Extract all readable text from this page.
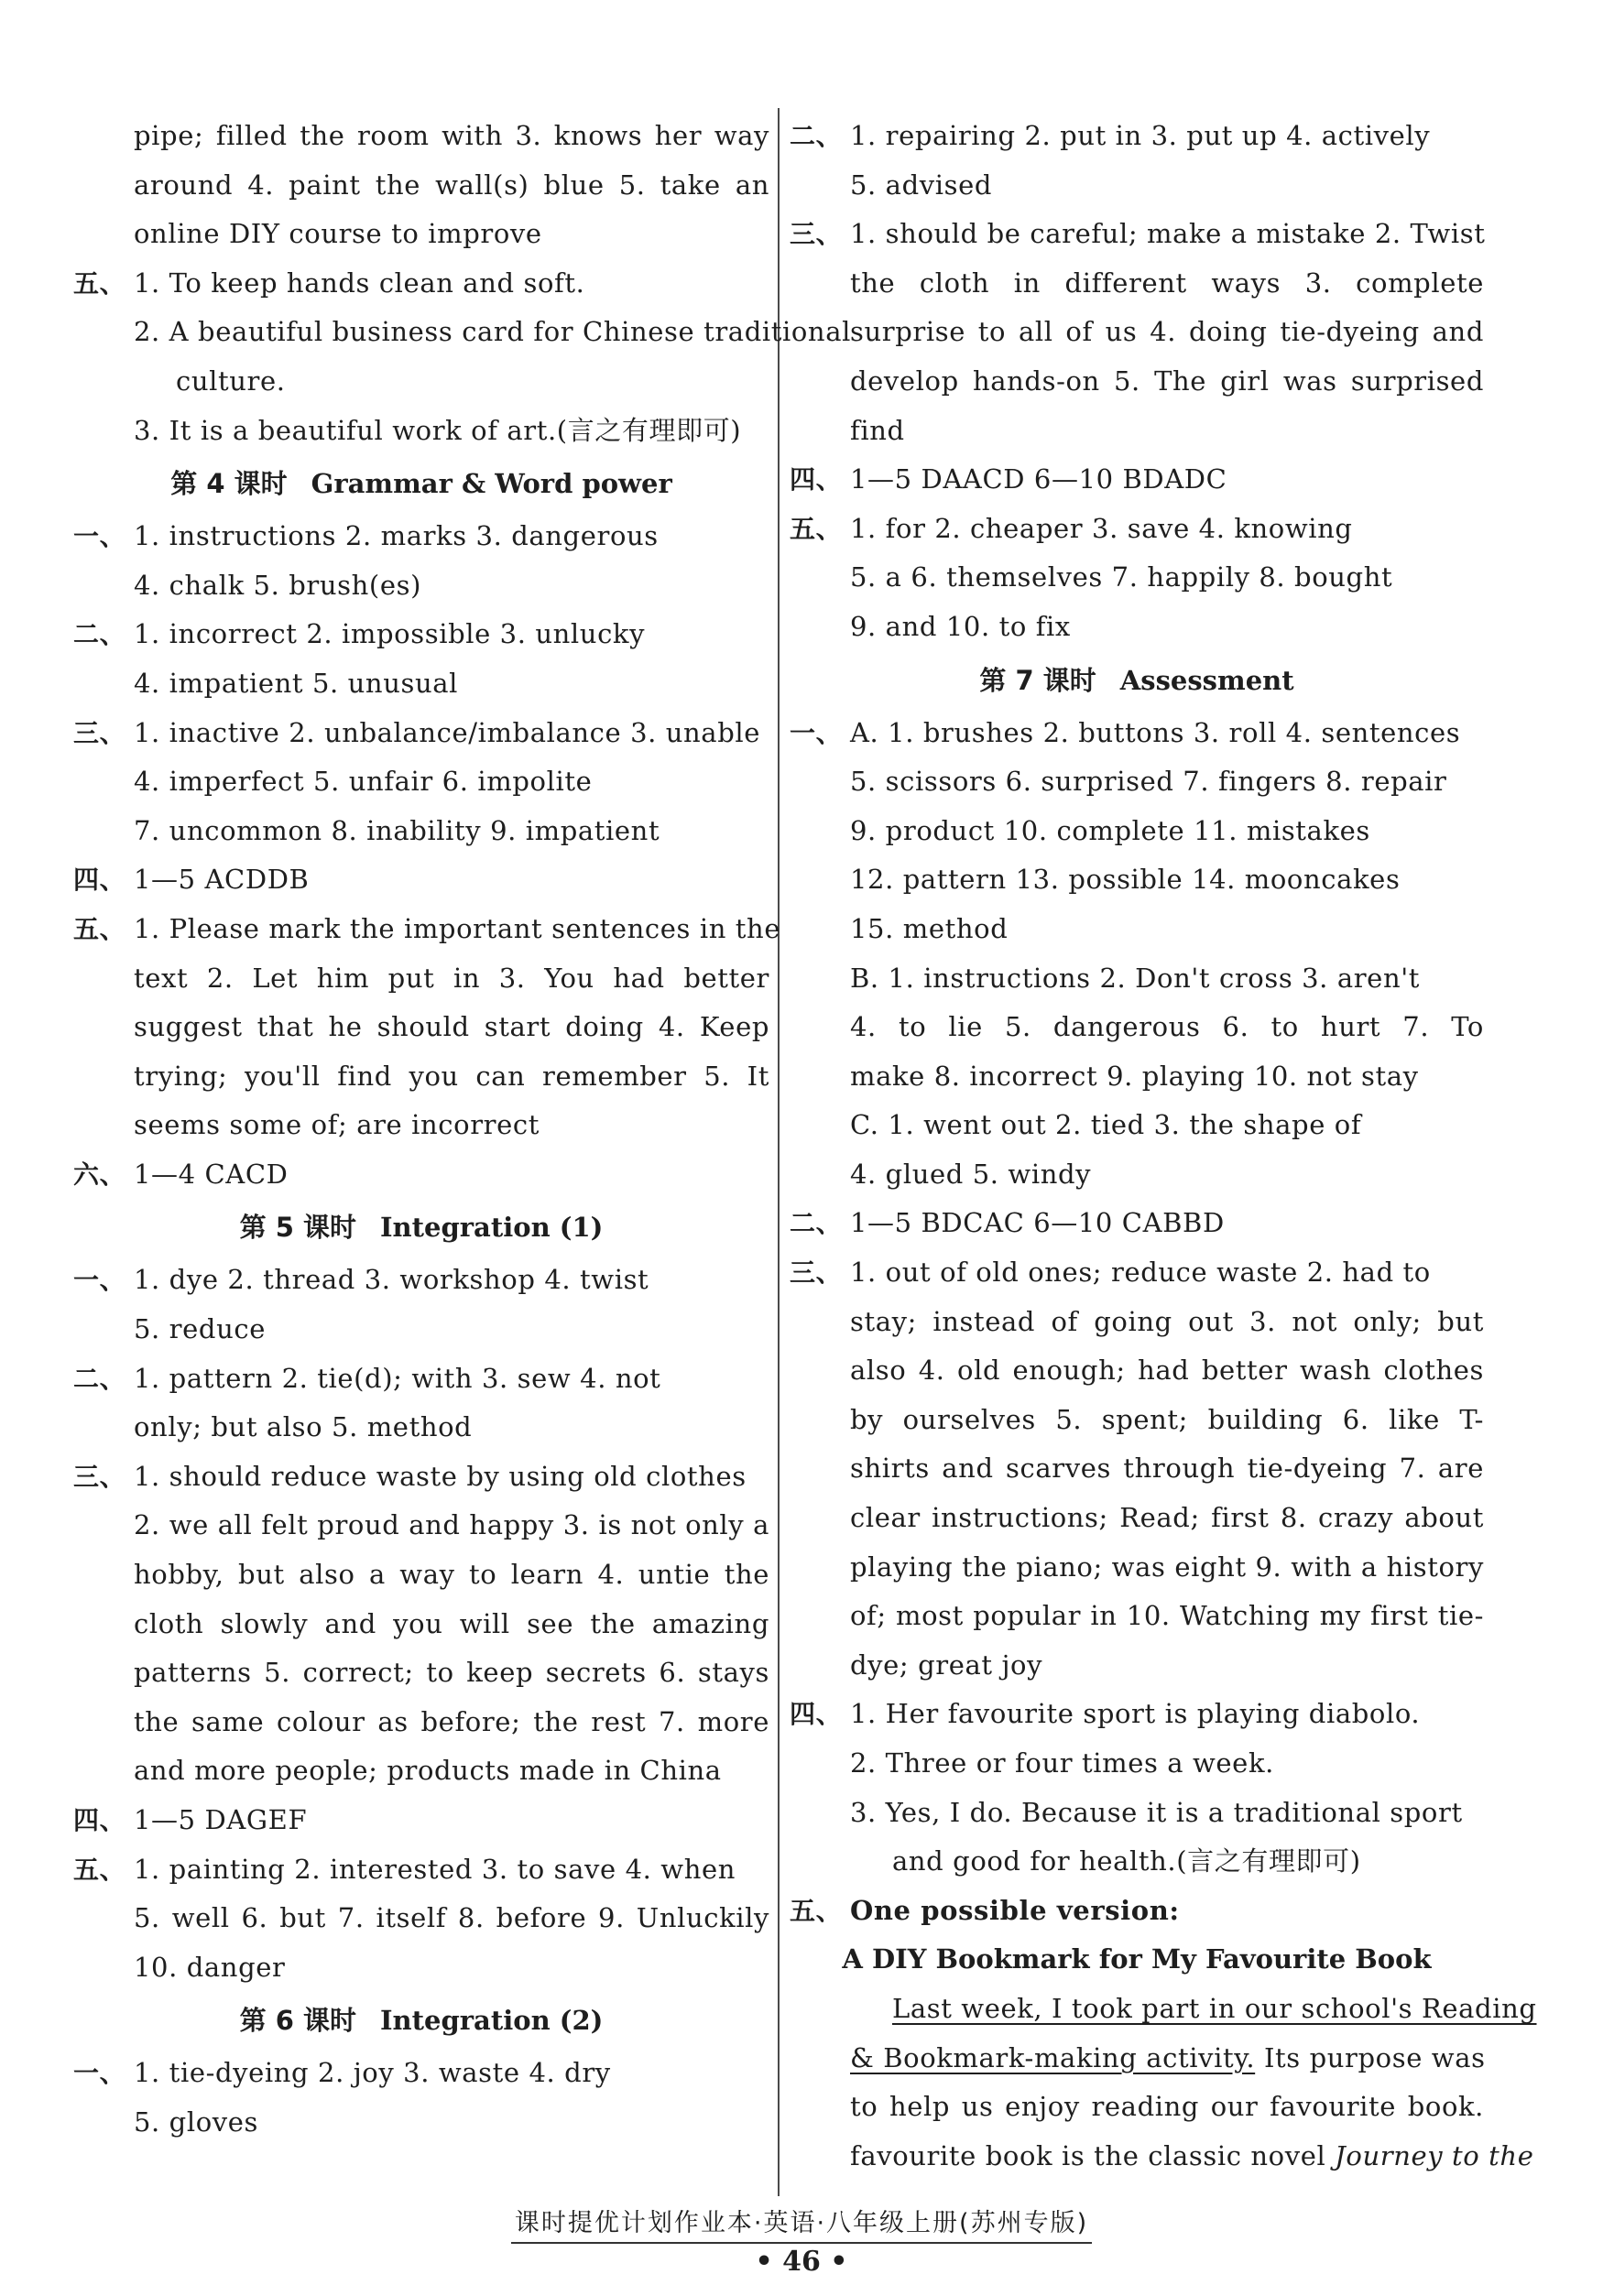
pipe; filled the room with 3. knows her way
around 4. paint the wall(s) blue 5. take an
online DIY course to improve
五、 1. To keep hands clean and soft.
2. A beautiful business card for Chinese traditional
culture.
3. It is a beautiful work of art.(言之有理即可)
第 4 课时 Grammar & Word power
一、 1. instructions 2. marks 3. dangerous
4. chalk 5. brush(es)
二、 1. incorrect 2. impossible 3. unlucky
4. impatient 5. unusual
三、 1. inactive 2. unbalance/imbalance 3. unable
4. imperfect 5. unfair 6. impolite
7. uncommon 8. inability 9. impatient
四、 1—5 ACDDB
五、 1. Please mark the important sentences in the
text 2. Let him put in 3. You had better
suggest that he should start doing 4. Keep
trying; you'll find you can remember 5. It
seems some of; are incorrect
六、 1—4 CACD
第 5 课时 Integration (1)
一、 1. dye 2. thread 3. workshop 4. twist
5. reduce
二、 1. pattern 2. tie(d); with 3. sew 4. not
only; but also 5. method
三、 1. should reduce waste by using old clothes
2. we all felt proud and happy 3. is not only a
hobby, but also a way to learn 4. untie the
cloth slowly and you will see the amazing
patterns 5. correct; to keep secrets 6. stays
the same colour as before; the rest 7. more
and more people; products made in China
四、 1—5 DAGEF
五、 1. painting 2. interested 3. to save 4. when
5. well 6. but 7. itself 8. before 9. Unluckily
10. danger
第 6 课时 Integration (2)
一、 1. tie-dyeing 2. joy 3. waste 4. dry
5. gloves
二、 1. repairing 2. put in 3. put up 4. actively
5. advised
三、 1. should be careful; make a mistake 2. Twist
the cloth in different ways 3. complete
surprise to all of us 4. doing tie-dyeing and
develop hands-on 5. The girl was surprised
find
四、 1—5 DAACD 6—10 BDADC
五、 1. for 2. cheaper 3. save 4. knowing
5. a 6. themselves 7. happily 8. bought
9. and 10. to fix
第 7 课时 Assessment
一、 A. 1. brushes 2. buttons 3. roll 4. sentences
5. scissors 6. surprised 7. fingers 8. repair
9. product 10. complete 11. mistakes
12. pattern 13. possible 14. mooncakes
15. method
B. 1. instructions 2. Don't cross 3. aren't
4. to lie 5. dangerous 6. to hurt 7. To
make 8. incorrect 9. playing 10. not stay
C. 1. went out 2. tied 3. the shape of
4. glued 5. windy
二、 1—5 BDCAC 6—10 CABBD
三、 1. out of old ones; reduce waste 2. had to
stay; instead of going out 3. not only; but
also 4. old enough; had better wash clothes
by ourselves 5. spent; building 6. like T-
shirts and scarves through tie-dyeing 7. are
clear instructions; Read; first 8. crazy about
playing the piano; was eight 9. with a history
of; most popular in 10. Watching my first tie-
dye; great joy
四、 1. Her favourite sport is playing diabolo.
2. Three or four times a week.
3. Yes, I do. Because it is a traditional sport
and good for health.(言之有理即可)
五、 One possible version:
A DIY Bookmark for My Favourite Book
Last week, I took part in our school's Reading
& Bookmark-making activity. Its purpose was
to help us enjoy reading our favourite book.
favourite book is the classic novel Journey to the
课时提优计划作业本·英语·八年级上册(苏州专版)
• 46 •
